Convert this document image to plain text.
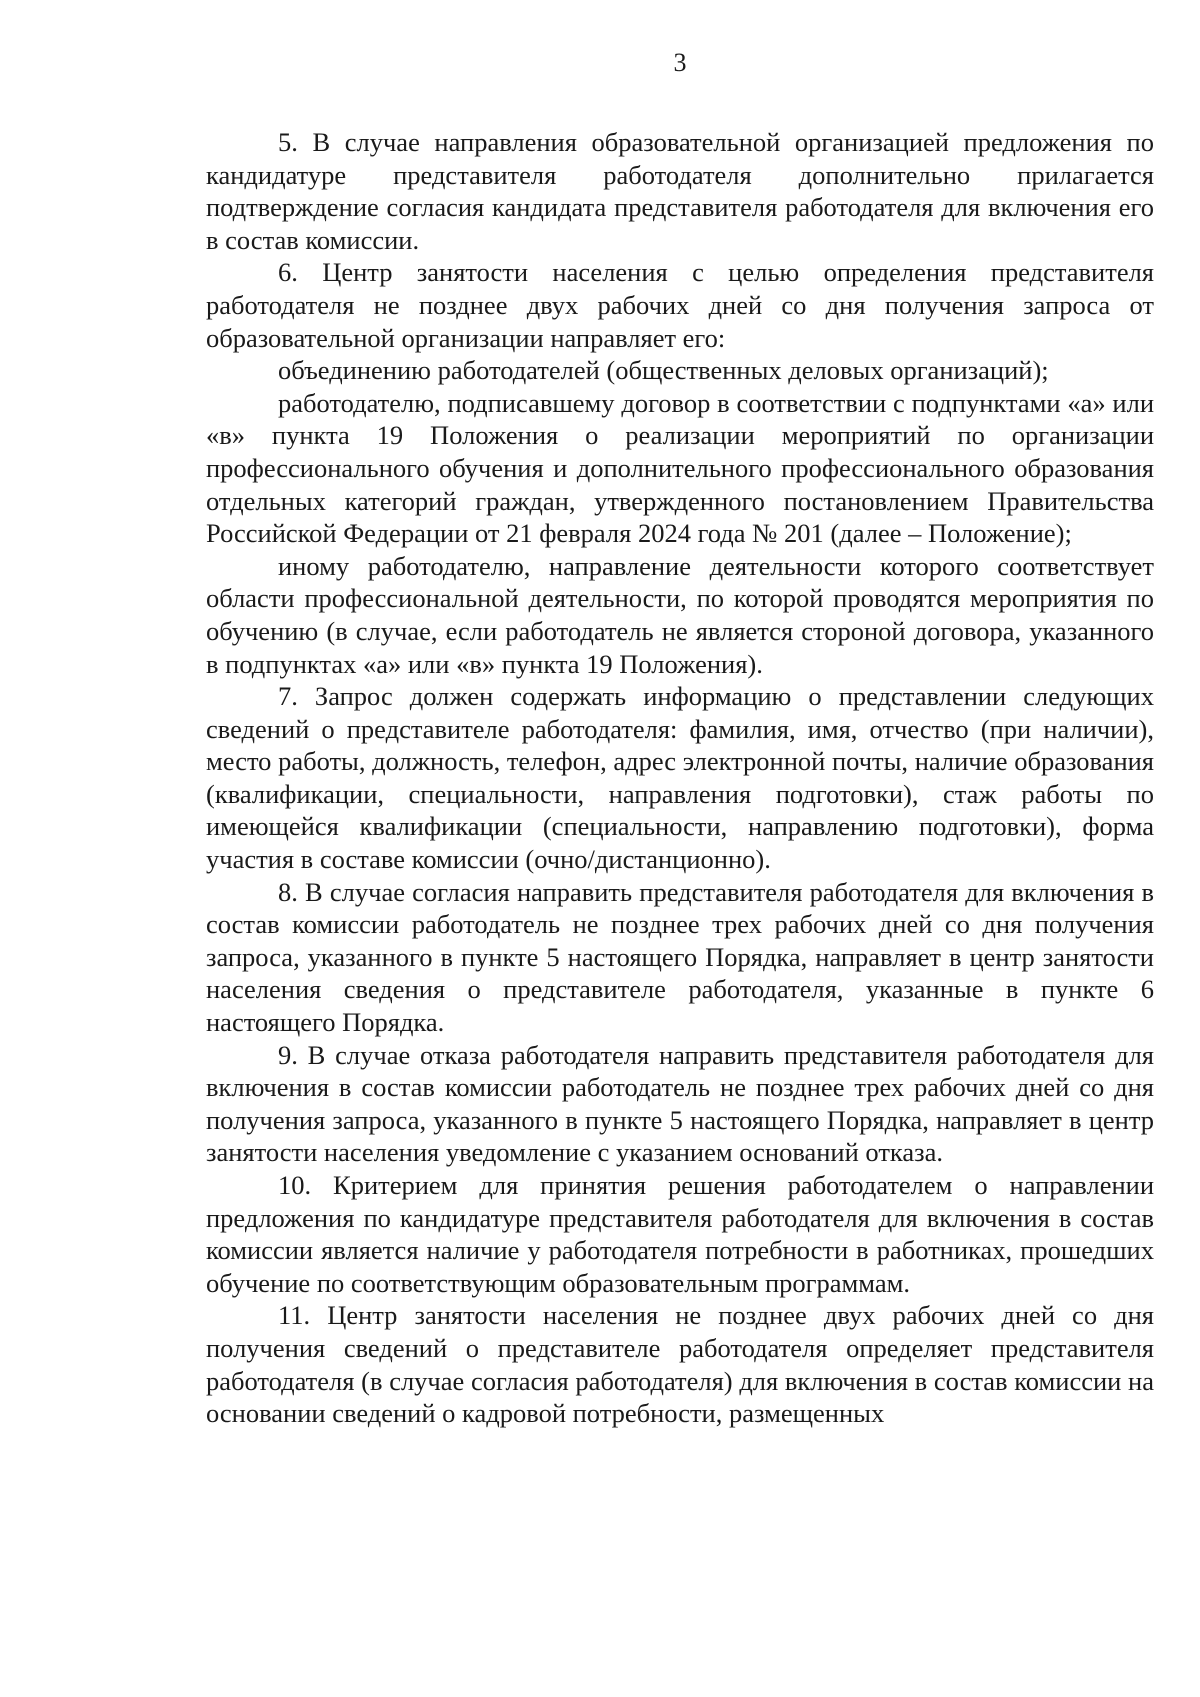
3

5. В случае направления образовательной организацией предложения по кандидатуре представителя работодателя дополнительно прилагается подтверждение согласия кандидата представителя работодателя для включения его в состав комиссии.

6. Центр занятости населения с целью определения представителя работодателя не позднее двух рабочих дней со дня получения запроса от образовательной организации направляет его:

объединению работодателей (общественных деловых организаций);

работодателю, подписавшему договор в соответствии с подпунктами «а» или «в» пункта 19 Положения о реализации мероприятий по организации профессионального обучения и дополнительного профессионального образования отдельных категорий граждан, утвержденного постановлением Правительства Российской Федерации от 21 февраля 2024 года № 201 (далее – Положение);

иному работодателю, направление деятельности которого соответствует области профессиональной деятельности, по которой проводятся мероприятия по обучению (в случае, если работодатель не является стороной договора, указанного в подпунктах «а» или «в» пункта 19 Положения).

7. Запрос должен содержать информацию о представлении следующих сведений о представителе работодателя: фамилия, имя, отчество (при наличии), место работы, должность, телефон, адрес электронной почты, наличие образования (квалификации, специальности, направления подготовки), стаж работы по имеющейся квалификации (специальности, направлению подготовки), форма участия в составе комиссии (очно/дистанционно).

8. В случае согласия направить представителя работодателя для включения в состав комиссии работодатель не позднее трех рабочих дней со дня получения запроса, указанного в пункте 5 настоящего Порядка, направляет в центр занятости населения сведения о представителе работодателя, указанные в пункте 6 настоящего Порядка.

9. В случае отказа работодателя направить представителя работодателя для включения в состав комиссии работодатель не позднее трех рабочих дней со дня получения запроса, указанного в пункте 5 настоящего Порядка, направляет в центр занятости населения уведомление с указанием оснований отказа.

10. Критерием для принятия решения работодателем о направлении предложения по кандидатуре представителя работодателя для включения в состав комиссии является наличие у работодателя потребности в работниках, прошедших обучение по соответствующим образовательным программам.

11. Центр занятости населения не позднее двух рабочих дней со дня получения сведений о представителе работодателя определяет представителя работодателя (в случае согласия работодателя) для включения в состав комиссии на основании сведений о кадровой потребности, размещенных
